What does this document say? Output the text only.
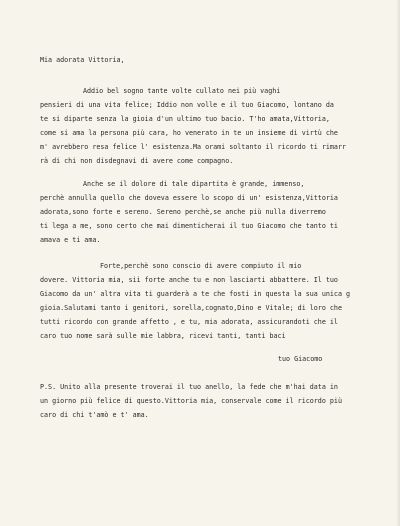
Mia adorata Vittoria,
Addio bel sogno tante volte cullato nei più vaghi
pensieri di una vita felice; Iddio non volle e il tuo Giacomo, lontano da
te si diparte senza la gioia d'un ultimo tuo bacio. T'ho amata,Vittoria,
come si ama la persona più cara, ho venerato in te un insieme di virtù che
m' avrebbero resa felice l' esistenza.Ma orami soltanto il ricordo ti rimarr
rà di chi non disdegnavi di avere come compagno.
Anche se il dolore di tale dipartita è grande, immenso,
perchè annulla quello che doveva essere lo scopo di un' esistenza,Vittoria
adorata,sono forte e sereno. Sereno perchè,se anche più nulla diverremo
ti lega a me, sono certo che mai dimenticherai il tuo Giacomo che tanto ti
amava e ti ama.
Forte,perchè sono conscio di avere compiuto il mio
dovere. Vittoria mia, sii forte anche tu e non lasciarti abbattere. Il tuo
Giacomo da un' altra vita ti guarderà a te che fosti in questa la sua unica g
gioia.Salutami tanto i genitori, sorella,cognato,Dino e Vitale; di loro che
tutti ricordo con grande affetto , e tu, mia adorata, assicurandoti che il
caro tuo nome sarà sulle mie labbra, ricevi tanti, tanti baci
tuo Giacomo
P.S. Unito alla presente troverai il tuo anello, la fede che m'hai data in
un giorno più felice di questo.Vittoria mia, conservale come il ricordo più
caro di chi t'amò e t' ama.
